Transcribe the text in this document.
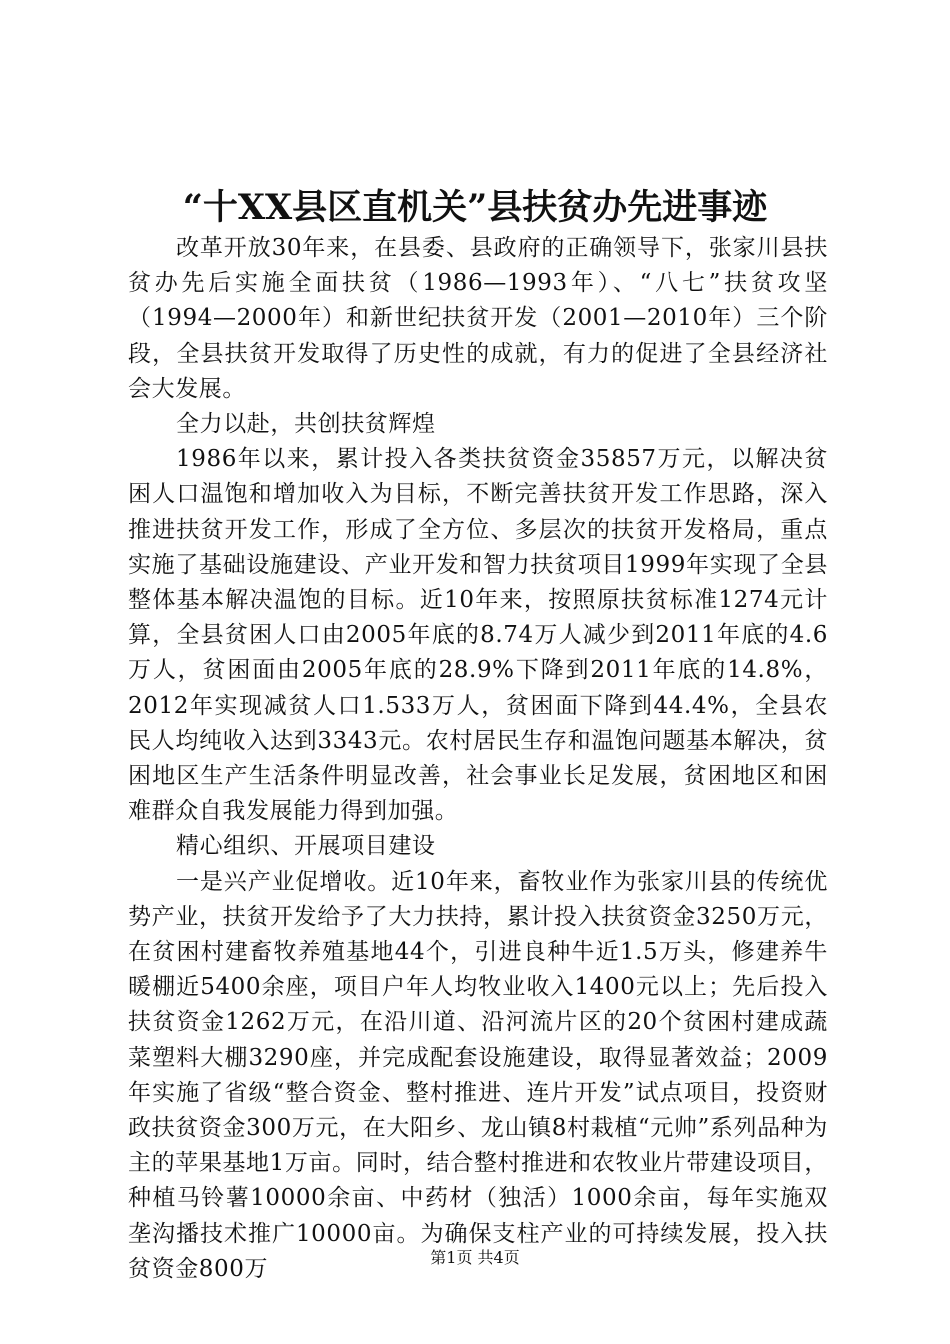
“十XX县区直机关”县扶贫办先进事迹

改革开放30年来，在县委、县政府的正确领导下，张家川县扶贫办先后实施全面扶贫（1986—1993年）、“八七”扶贫攻坚（1994—2000年）和新世纪扶贫开发（2001—2010年）三个阶段，全县扶贫开发取得了历史性的成就，有力的促进了全县经济社会大发展。

全力以赴，共创扶贫辉煌

1986年以来，累计投入各类扶贫资金35857万元，以解决贫困人口温饱和增加收入为目标，不断完善扶贫开发工作思路，深入推进扶贫开发工作，形成了全方位、多层次的扶贫开发格局，重点实施了基础设施建设、产业开发和智力扶贫项目1999年实现了全县整体基本解决温饱的目标。近10年来，按照原扶贫标准1274元计算，全县贫困人口由2005年底的8.74万人减少到2011年底的4.6万人，贫困面由2005年底的28.9%下降到2011年底的14.8%，2012年实现减贫人口1.533万人，贫困面下降到44.4%，全县农民人均纯收入达到3343元。农村居民生存和温饱问题基本解决，贫困地区生产生活条件明显改善，社会事业长足发展，贫困地区和困难群众自我发展能力得到加强。

精心组织、开展项目建设

一是兴产业促增收。近10年来，畜牧业作为张家川县的传统优势产业，扶贫开发给予了大力扶持，累计投入扶贫资金3250万元，在贫困村建畜牧养殖基地44个，引进良种牛近1.5万头，修建养牛暖棚近5400余座，项目户年人均牧业收入1400元以上；先后投入扶贫资金1262万元，在沿川道、沿河流片区的20个贫困村建成蔬菜塑料大棚3290座，并完成配套设施建设，取得显著效益；2009年实施了省级“整合资金、整村推进、连片开发”试点项目，投资财政扶贫资金300万元，在大阳乡、龙山镇8村栽植“元帅”系列品种为主的苹果基地1万亩。同时，结合整村推进和农牧业片带建设项目，种植马铃薯10000余亩、中药材（独活）1000余亩，每年实施双垄沟播技术推广10000亩。为确保支柱产业的可持续发展，投入扶贫资金800万	第1页 共4页
